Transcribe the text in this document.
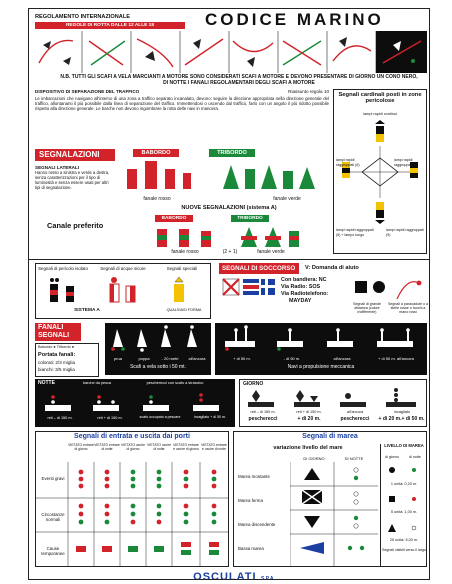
REGOLAMENTO INTERNAZIONALE	CODICE MARINO
REGOLE DI ROTTA DALLE 12 ALLE 18
N.B. TUTTI GLI SCAFI A VELA MARCIANTI A MOTORE SONO CONSIDERATI SCAFI A MOTORE E DEVONO PRESENTARE DI GIORNO UN CONO NERO, DI NOTTE I FANALI REGOLAMENTARI DEGLI SCAFI A MOTORE
DISPOSITIVO DI SEPARAZIONE DEL TRAFFICO	Riassunto regola 10
Le imbarcazioni che navigano all'interno di una zona a traffico separato incanalato, devono: seguire la direzione appropriata nella direzione generale del traffico, allontanarsi il più possibile dalla linea di separazione del traffico. Immettendosi o uscendo dal traffico, farlo con un angolo il più ridotto possibile rispetto alla direzione generale. Le barche non devono ingombrare la rotta delle navi in manovra.
Segnali cardinali posti in zone pericolose
lampi rapidi continui
lampi rapidi raggruppati (6)
lampi rapidi raggruppati (3)
lampi rapidi raggruppati (6) + lampo lungo
lampi rapidi raggruppati (9)
SEGNALAZIONI
SEGNALI LATERALI
Hanno rosso a sinistra e verde a destra, senza caratterizzazioni per il tipo di luminosità e senza essere usati per altri tipi di segnalazione.
BABORDO	TRIBORDO
fanale rosso	fanale verde
NUOVE SEGNALAZIONI (sistema A)
Canale preferito
BABORDO	TRIBORDO
fanale rosso	(2 + 1)	fanale verde
Segnali di pericolo isolato	Segnali di acque sicure	Segnali speciali
SISTEMA A	QUALSIASI FORMA
SEGNALI DI SOCCORSO	V: Domanda di aiuto
Con bandiera: NC
Via Radio: SOS
Via Radiotelefono:
MAYDAY	Segnali di grande distanza (colore indifferente)
Segnali a paracadute o a stelle rosse o fuochi a mano rossi
FANALI SEGNALI
Babordo ● Tribordo ●
Portata fanali:
colorati: 2/3 miglia
bianchi: 3/5 miglia
prua	poppa	- 20 metri	all'ancora
Scafi a vela sotto i 50 mt.
+ di 50 m.	- di 50 m.	all'ancora	+ di 50 m. all'ancora
Navi a propulsione meccanica
NOTTE	barche da pesca	pescherecci con scafo a strascico
reti – di 150 m.	reti + di 150 m.	scafo occupato a pescare	incagliato + di 50 m.
GIORNO
reti – di 150 m.	reti + di 150 m.	all'ancora	incagliato
pescherecci	+ di 20 m.	pescherecci	+ di 20 m. + di 50 m.
Segnali di entrata e uscita dai porti
VIETATO entrare di giorno
VIETATO entrare di notte
VIETATO uscire di giorno
VIETATO uscire di notte
VIETATO entrare e uscire di giorno
VIETATO entrare e uscire di notte
Eventi gravi
Circostanze normali
Cause temporanee
Segnali di marea
variazione livello del mare
DI GIORNO	DI NOTTE
Marea montante
Marea ferma
Marea discendente
Bassa marea
LIVELLO DI MAREA
di giorno	di notte
1 unità: 0,20 m.
5 unità: 1,00 m.
25 unità: 5,00 m.
Segnali visibili verso il largo
OSCULATI S.P.A.
